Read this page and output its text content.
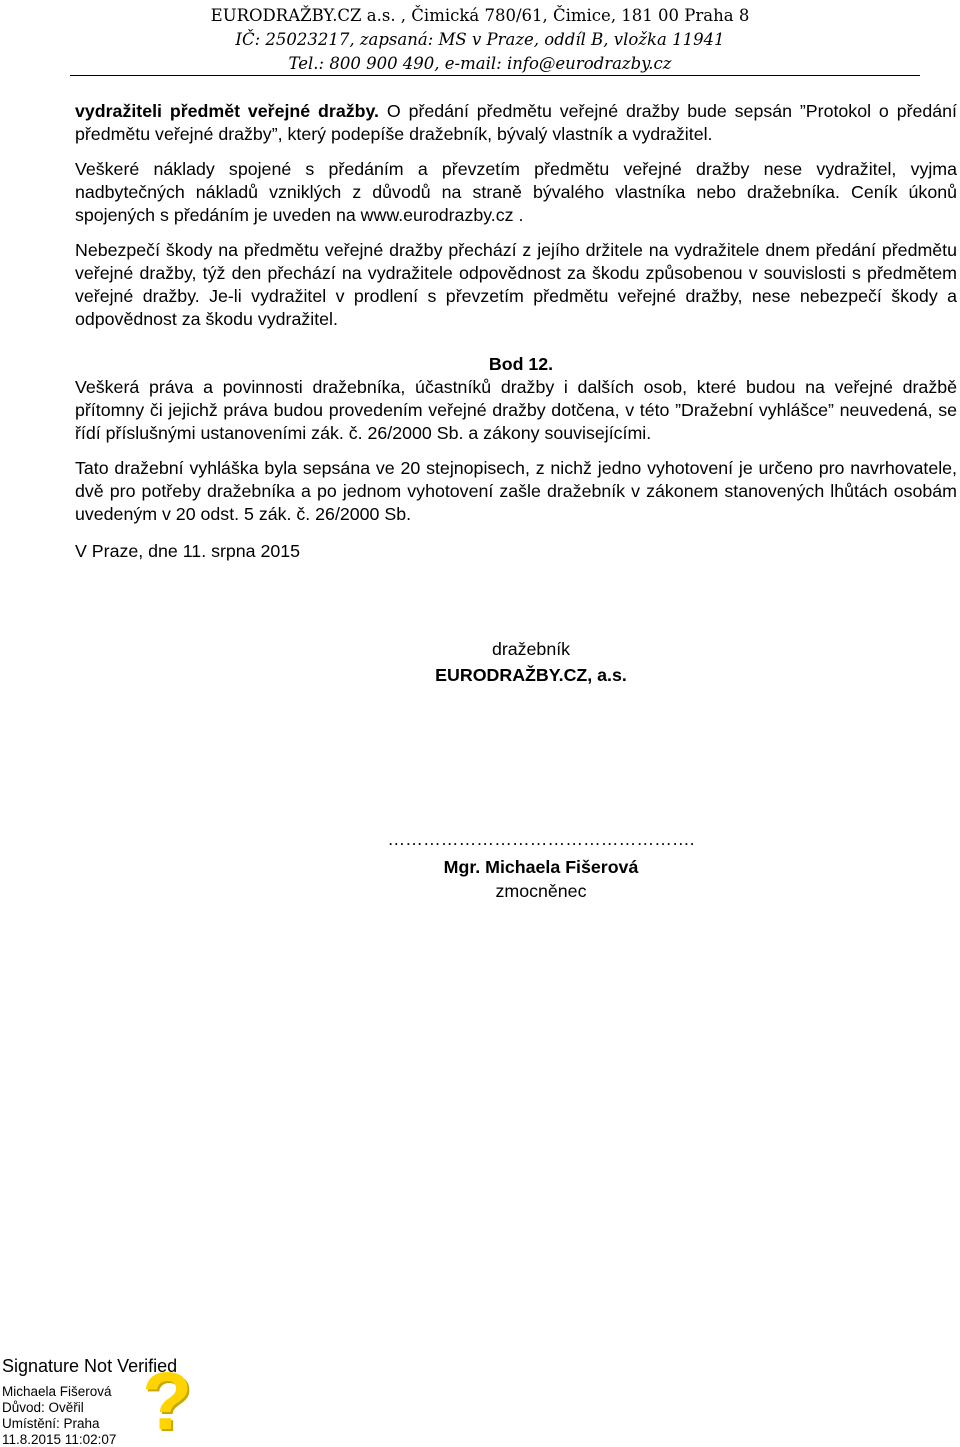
EURODRAŽBY.CZ a.s. , Čimická 780/61, Čimice, 181 00 Praha 8
IČ: 25023217, zapsaná: MS v Praze, oddíl B, vložka 11941
Tel.: 800 900 490, e-mail: info@eurodrazby.cz

vydražiteli předmět veřejné dražby. O předání předmětu veřejné dražby bude sepsán ”Protokol o předání předmětu veřejné dražby”, který podepíše dražebník, bývalý vlastník a vydražitel.

Veškeré náklady spojené s předáním a převzetím předmětu veřejné dražby nese vydražitel, vyjma nadbytečných nákladů vzniklých z důvodů na straně bývalého vlastníka nebo dražebníka. Ceník úkonů spojených s předáním je uveden na www.eurodrazby.cz .

Nebezpečí škody na předmětu veřejné dražby přechází z jejího držitele na vydražitele dnem předání předmětu veřejné dražby, týž den přechází na vydražitele odpovědnost za škodu způsobenou v souvislosti s předmětem veřejné dražby. Je-li vydražitel v prodlení s převzetím předmětu veřejné dražby, nese nebezpečí škody a odpovědnost za škodu vydražitel.

Bod 12.

Veškerá práva a povinnosti dražebníka, účastníků dražby i dalších osob, které budou na veřejné dražbě přítomny či jejichž práva budou provedením veřejné dražby dotčena, v této ”Dražební vyhlášce” neuvedená, se řídí příslušnými ustanoveními zák. č. 26/2000 Sb. a zákony souvisejícími.

Tato dražební vyhláška byla sepsána ve 20 stejnopisech, z nichž jedno vyhotovení je určeno pro navrhovatele, dvě pro potřeby dražebníka a po jednom vyhotovení zašle dražebník v zákonem stanovených lhůtách osobám uvedeným v 20 odst. 5 zák. č. 26/2000 Sb.

V Praze, dne 11. srpna 2015

dražebník
EURODRAŽBY.CZ, a.s.
…………………………………………….
Mgr. Michaela Fišerová
zmocněnec
?
Signature Not Verified
Michaela Fišerová
Důvod: Ověřil
Umístění: Praha
11.8.2015 11:02:07
